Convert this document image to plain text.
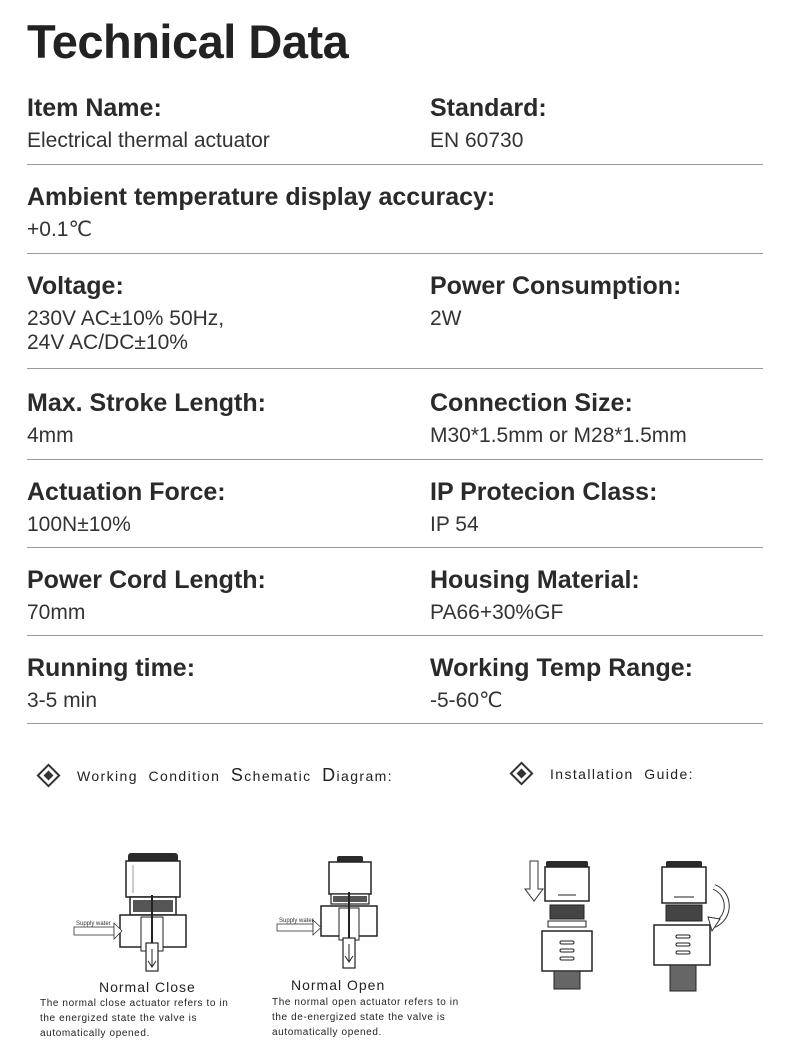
Technical Data
Item Name:
Electrical thermal actuator
Standard:
EN 60730
Ambient temperature display accuracy:
+0.1℃
Voltage:
230V AC±10% 50Hz,
24V AC/DC±10%
Power Consumption:
2W
Max. Stroke Length:
4mm
Connection Size:
M30*1.5mm or M28*1.5mm
Actuation Force:
100N±10%
IP Protecion Class:
IP 54
Power Cord Length:
70mm
Housing Material:
PA66+30%GF
Running time:
3-5 min
Working Temp Range:
-5-60℃
Working
Condition
S chematic
D iagram :	Installation  Guide :
Supply water
Normal Close
The normal close actuator refers to in the energized state the valve is automatically opened.
Supply water
Normal Open
The normal open actuator refers to in the de-energized state the valve is automatically opened.
